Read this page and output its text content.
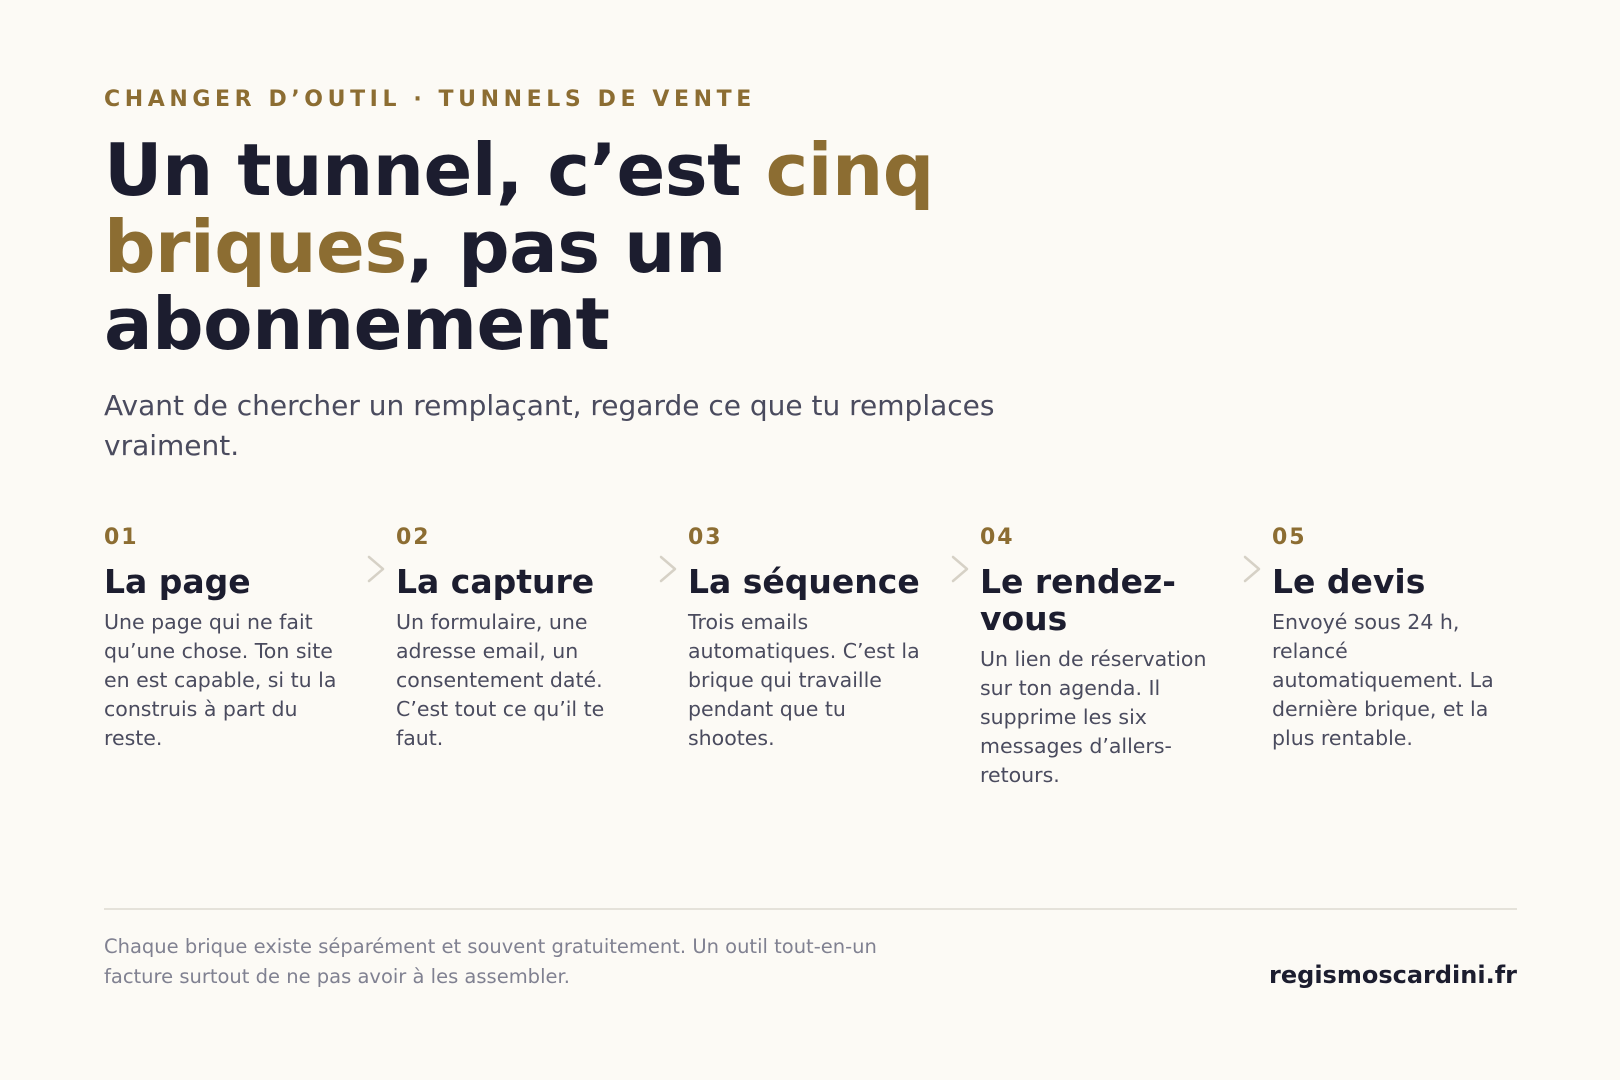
CHANGER D’OUTIL · TUNNELS DE VENTE
Un tunnel, c’est cinq briques, pas un abonnement

Avant de chercher un remplaçant, regarde ce que tu remplaces vraiment.

01
La page
Une page qui ne fait qu’une chose. Ton site en est capable, si tu la construis à part du reste.
02
La capture
Un formulaire, une adresse email, un consentement daté. C’est tout ce qu’il te faut.
03
La séquence
Trois emails automatiques. C’est la brique qui travaille pendant que tu shootes.
04
Le rendez-vous
Un lien de réservation sur ton agenda. Il supprime les six messages d’allers-retours.
05
Le devis
Envoyé sous 24 h, relancé automatiquement. La dernière brique, et la plus rentable.

Chaque brique existe séparément et souvent gratuitement. Un outil tout-en-un facture surtout de ne pas avoir à les assembler.	regismoscardini.fr
